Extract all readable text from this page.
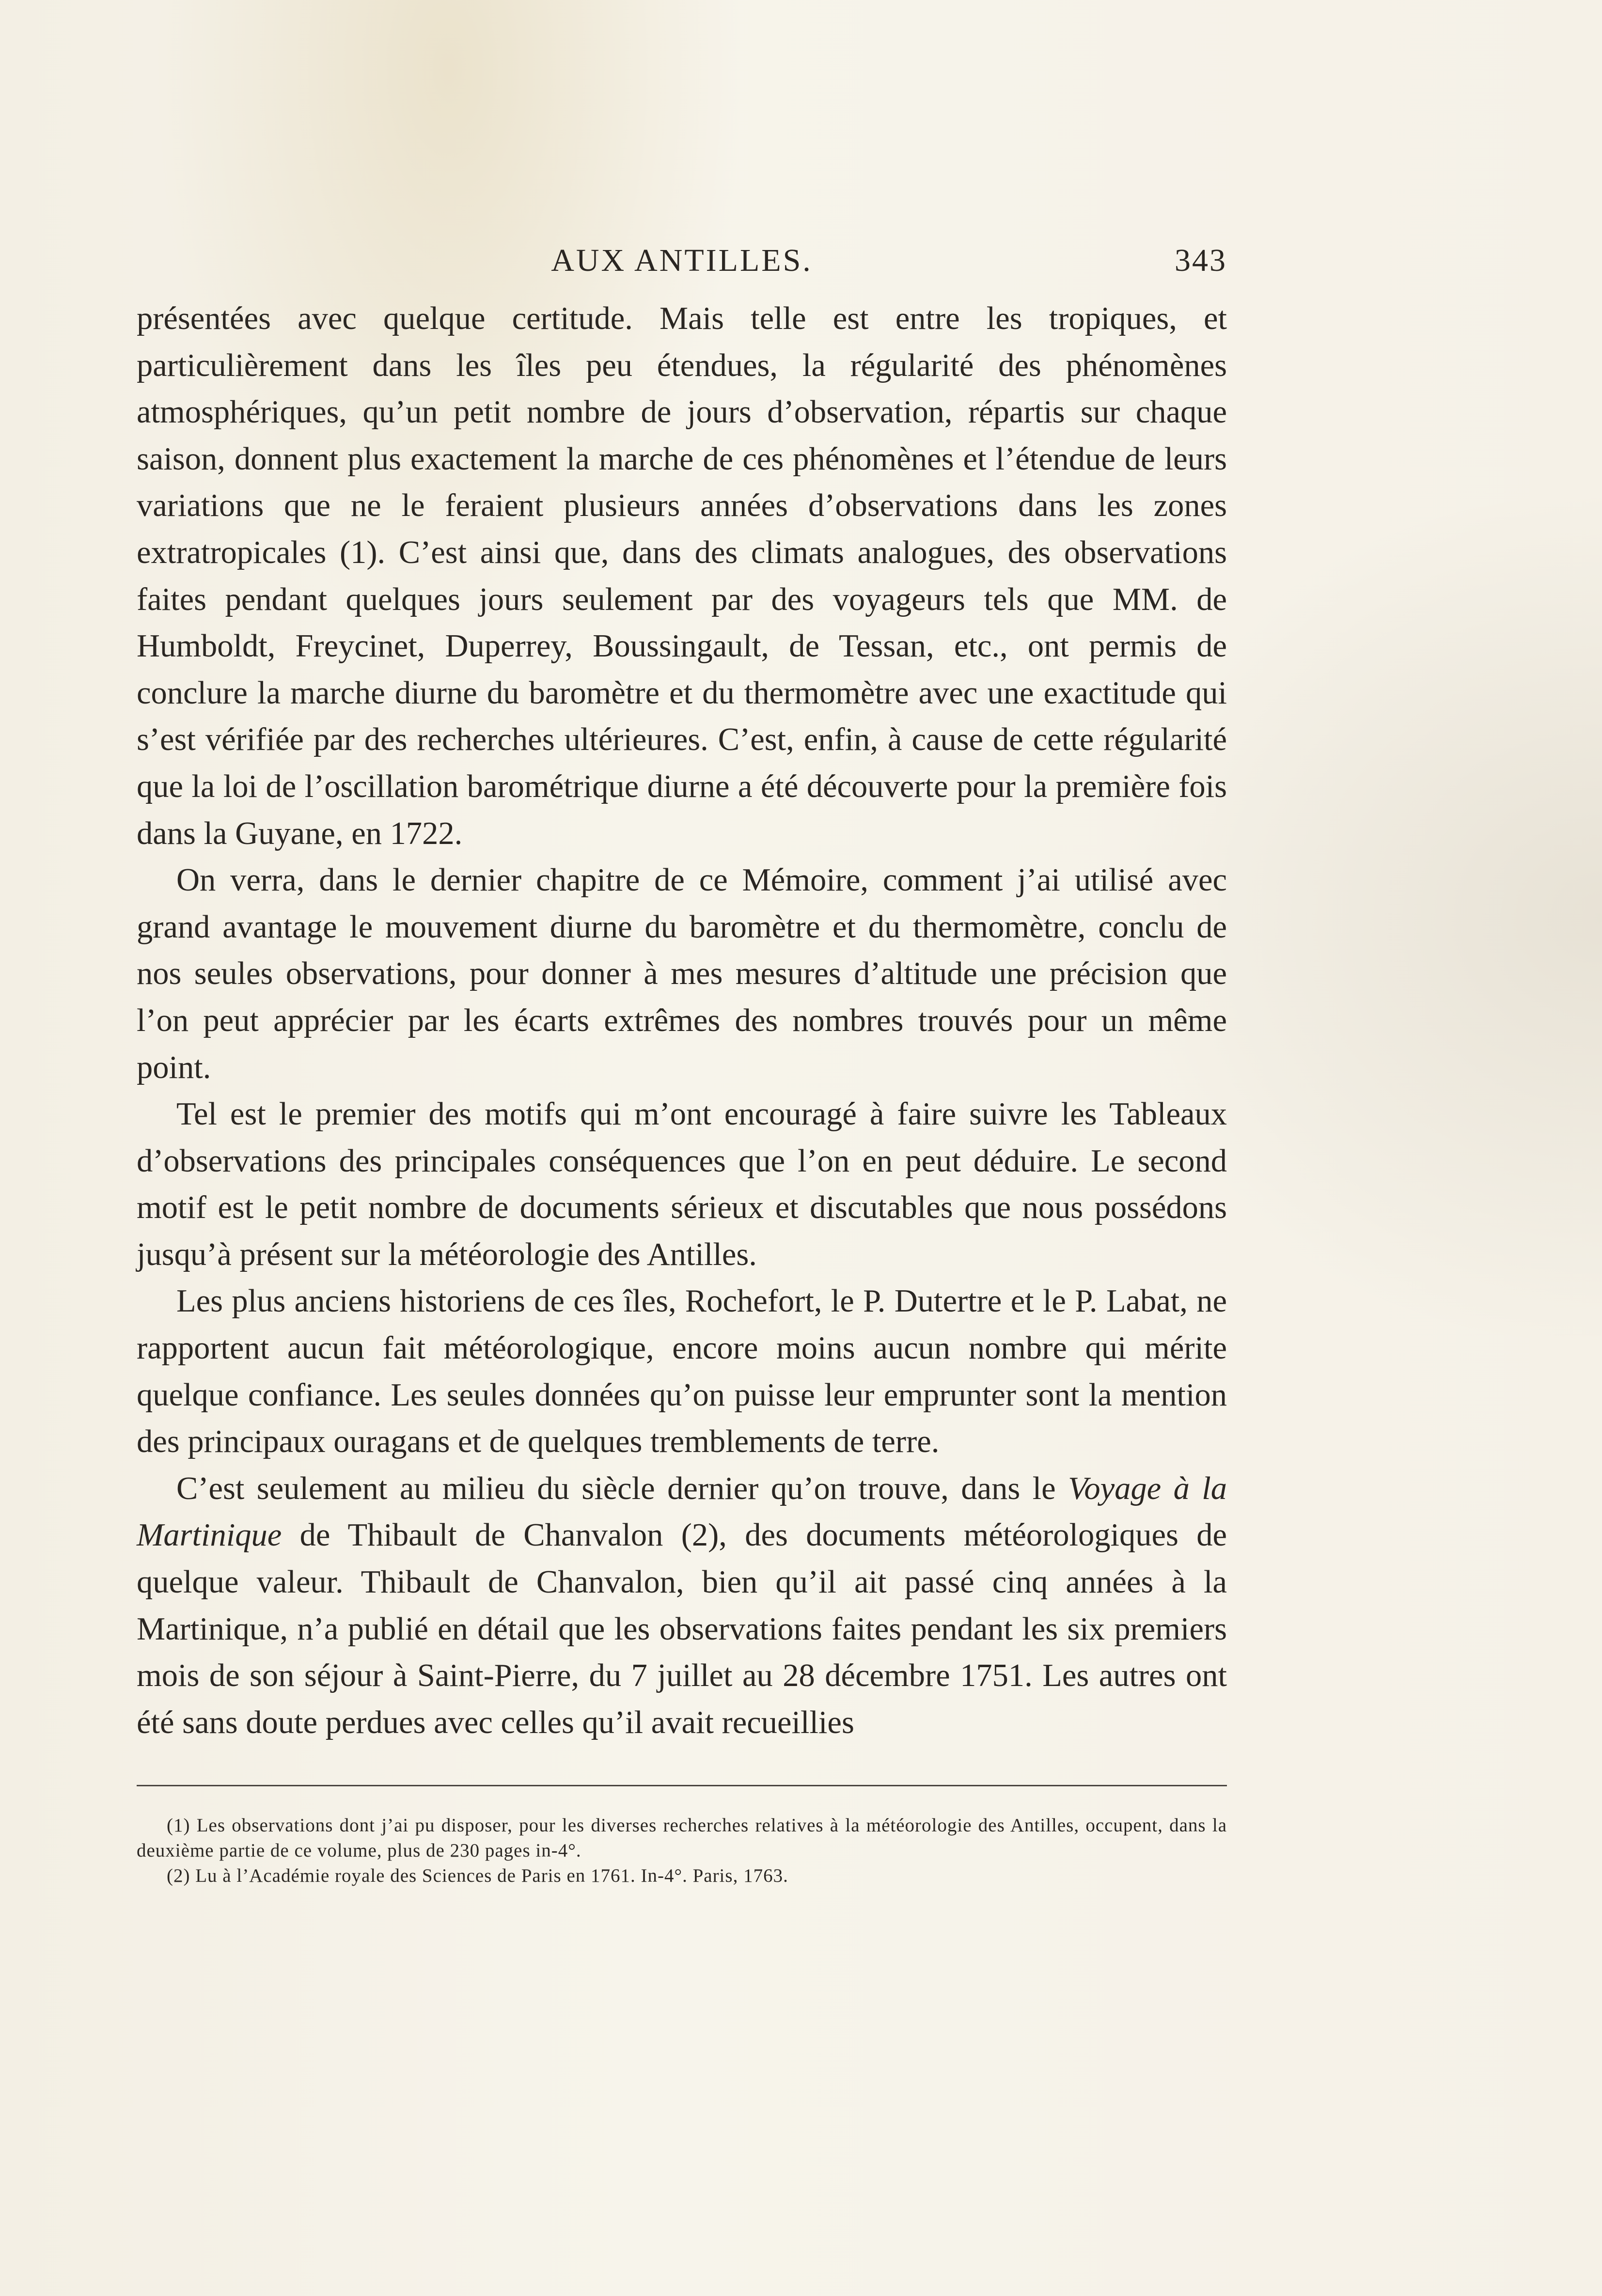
AUX ANTILLES.	343

présentées avec quelque certitude. Mais telle est entre les tropiques, et particulièrement dans les îles peu étendues, la régularité des phénomènes atmosphériques, qu’un petit nombre de jours d’observation, répartis sur chaque saison, donnent plus exactement la marche de ces phénomènes et l’étendue de leurs variations que ne le feraient plusieurs années d’observations dans les zones extratropicales (1). C’est ainsi que, dans des climats analogues, des observations faites pendant quelques jours seulement par des voyageurs tels que MM. de Humboldt, Freycinet, Duperrey, Boussingault, de Tessan, etc., ont permis de conclure la marche diurne du baromètre et du thermomètre avec une exactitude qui s’est vérifiée par des recherches ultérieures. C’est, enfin, à cause de cette régularité que la loi de l’oscillation barométrique diurne a été découverte pour la première fois dans la Guyane, en 1722.

On verra, dans le dernier chapitre de ce Mémoire, comment j’ai utilisé avec grand avantage le mouvement diurne du baromètre et du thermomètre, conclu de nos seules observations, pour donner à mes mesures d’altitude une précision que l’on peut apprécier par les écarts extrêmes des nombres trouvés pour un même point.

Tel est le premier des motifs qui m’ont encouragé à faire suivre les Tableaux d’observations des principales conséquences que l’on en peut déduire. Le second motif est le petit nombre de documents sérieux et discutables que nous possédons jusqu’à présent sur la météorologie des Antilles.

Les plus anciens historiens de ces îles, Rochefort, le P. Dutertre et le P. Labat, ne rapportent aucun fait météorologique, encore moins aucun nombre qui mérite quelque confiance. Les seules données qu’on puisse leur emprunter sont la mention des principaux ouragans et de quelques tremblements de terre.

C’est seulement au milieu du siècle dernier qu’on trouve, dans le Voyage à la Martinique de Thibault de Chanvalon (2), des documents météorologiques de quelque valeur. Thibault de Chanvalon, bien qu’il ait passé cinq années à la Martinique, n’a publié en détail que les observations faites pendant les six premiers mois de son séjour à Saint-Pierre, du 7 juillet au 28 décembre 1751. Les autres ont été sans doute perdues avec celles qu’il avait recueillies

(1) Les observations dont j’ai pu disposer, pour les diverses recherches relatives à la météorologie des Antilles, occupent, dans la deuxième partie de ce volume, plus de 230 pages in-4°.

(2) Lu à l’Académie royale des Sciences de Paris en 1761. In-4°. Paris, 1763.
